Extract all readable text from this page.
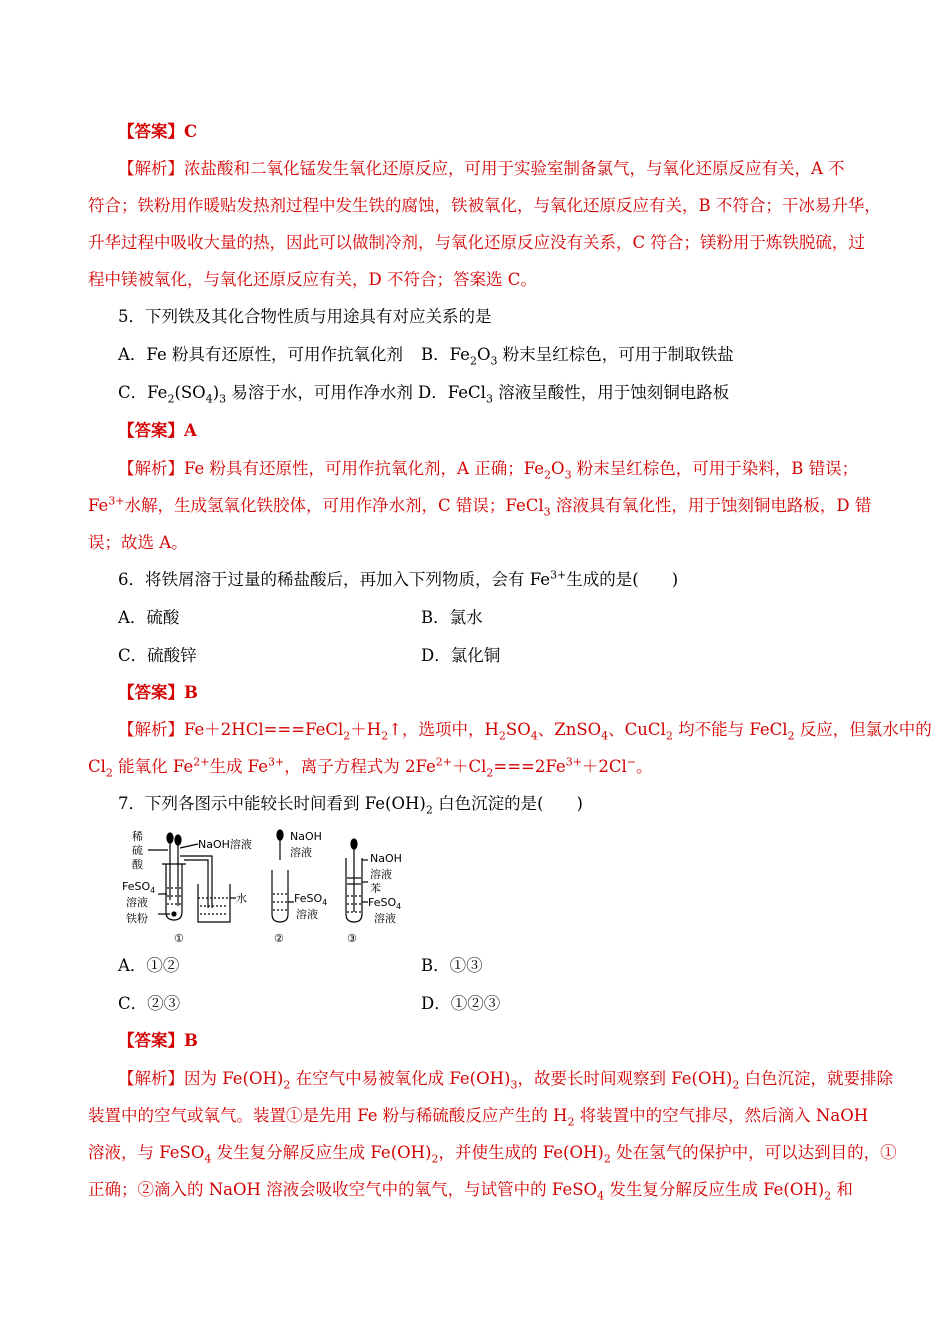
【答案】C
【解析】浓盐酸和二氧化锰发生氧化还原反应，可用于实验室制备氯气，与氧化还原反应有关，A 不
符合；铁粉用作暖贴发热剂过程中发生铁的腐蚀，铁被氧化，与氧化还原反应有关，B 不符合；干冰易升华，
升华过程中吸收大量的热，因此可以做制冷剂，与氧化还原反应没有关系，C 符合；镁粉用于炼铁脱硫，过
程中镁被氧化，与氧化还原反应有关，D 不符合；答案选 C。
5．下列铁及其化合物性质与用途具有对应关系的是
A．Fe 粉具有还原性，可用作抗氧化剂 B．$Fe_2O_3$ 粉末呈红棕色，可用于制取铁盐
C．$Fe_2(SO_4)_3$ 易溶于水，可用作净水剂 D．FeCl$_3$ 溶液呈酸性，用于蚀刻铜电路板
【答案】A
【解析】Fe 粉具有还原性，可用作抗氧化剂，A 正确；$Fe_2O_3$ 粉末呈红棕色，可用于染料，B 错误；
$Fe^{3+}$水解，生成氢氧化铁胶体，可用作净水剂，C 错误；FeCl$_3$ 溶液具有氧化性，用于蚀刻铜电路板，D 错
误；故选 A。
6．将铁屑溶于过量的稀盐酸后，再加入下列物质，会有 $Fe^{3+}$生成的是(　　)
A．硫酸	B．氯水
C．硫酸锌	D．氯化铜
【答案】B
【解析】$Fe+2HCl===FeCl_2+H_2↑$，选项中，$H_2SO_4$、ZnSO$_4$、CuCl$_2$ 均不能与 FeCl$_2$ 反应，但氯水中的
$Cl_2$ 能氧化 $Fe^{2+}$生成 $Fe^{3+}$，离子方程式为 $2Fe^{2+}+Cl_2===2Fe^{3+}+2Cl^-$。
7．下列各图示中能较长时间看到 $Fe(OH)_2$ 白色沉淀的是(　　)
稀
硫
酸
NaOH溶液
FeSO$_4$
溶液
铁粉
水
①
NaOH
溶液
FeSO$_4$
溶液
②
NaOH
溶液
苯
FeSO$_4$
溶液
③
A．①②	B．①③
C．②③	D．①②③
【答案】B
【解析】因为 $Fe(OH)_2$ 在空气中易被氧化成 $Fe(OH)_3$，故要长时间观察到 $Fe(OH)_2$ 白色沉淀，就要排除
装置中的空气或氧气。装置①是先用 Fe 粉与稀硫酸反应产生的 $H_2$ 将装置中的空气排尽，然后滴入 NaOH
溶液，与 FeSO$_4$ 发生复分解反应生成 $Fe(OH)_2$，并使生成的 $Fe(OH)_2$ 处在氢气的保护中，可以达到目的，①
正确；②滴入的 NaOH 溶液会吸收空气中的氧气，与试管中的 FeSO$_4$ 发生复分解反应生成 $Fe(OH)_2$ 和
